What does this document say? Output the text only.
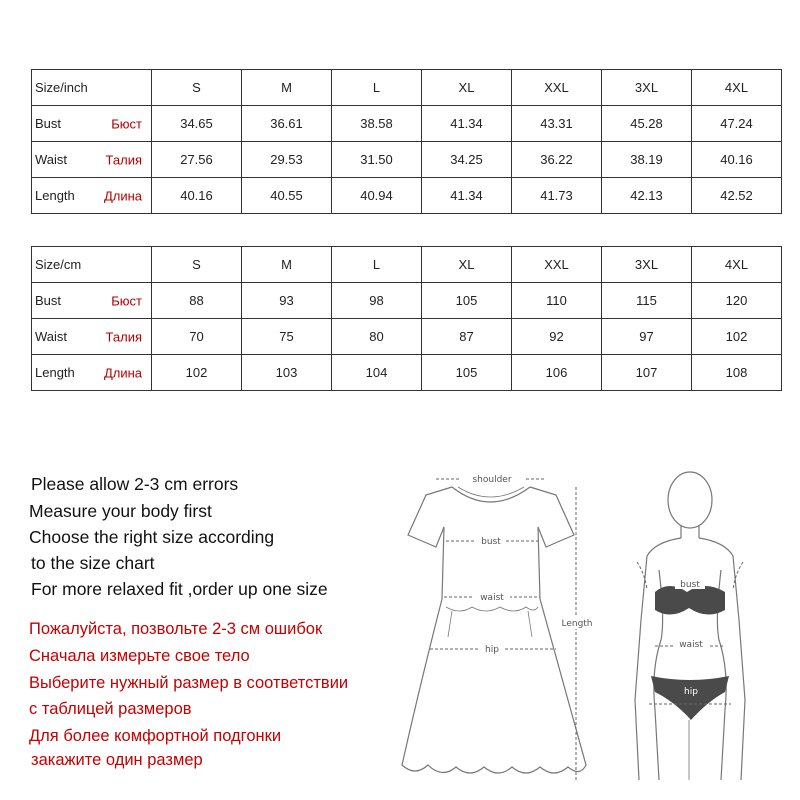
Size/inch	S	M	L	XL	XXL	3XL	4XL
Bust Бюст	34.65	36.61	38.58	41.34	43.31	45.28	47.24
Waist Талия	27.56	29.53	31.50	34.25	36.22	38.19	40.16
Length Длина	40.16	40.55	40.94	41.34	41.73	42.13	42.52
Size/cm	S	M	L	XL	XXL	3XL	4XL
Bust Бюст	88	93	98	105	110	115	120
Waist Талия	70	75	80	87	92	97	102
Length Длина	102	103	104	105	106	107	108
Please allow 2-3 cm errors
Measure your body first
Choose the right size according
to the size chart
For more relaxed fit ,order up one size
Пожалуйста, позвольте 2-3 см ошибок
Сначала измерьте свое тело
Выберите нужный размер в соответствии
с таблицей размеров
Для более комфортной подгонки
закажите один размер
shoulder
bust
waist
hip
Length
bust
waist
hip
